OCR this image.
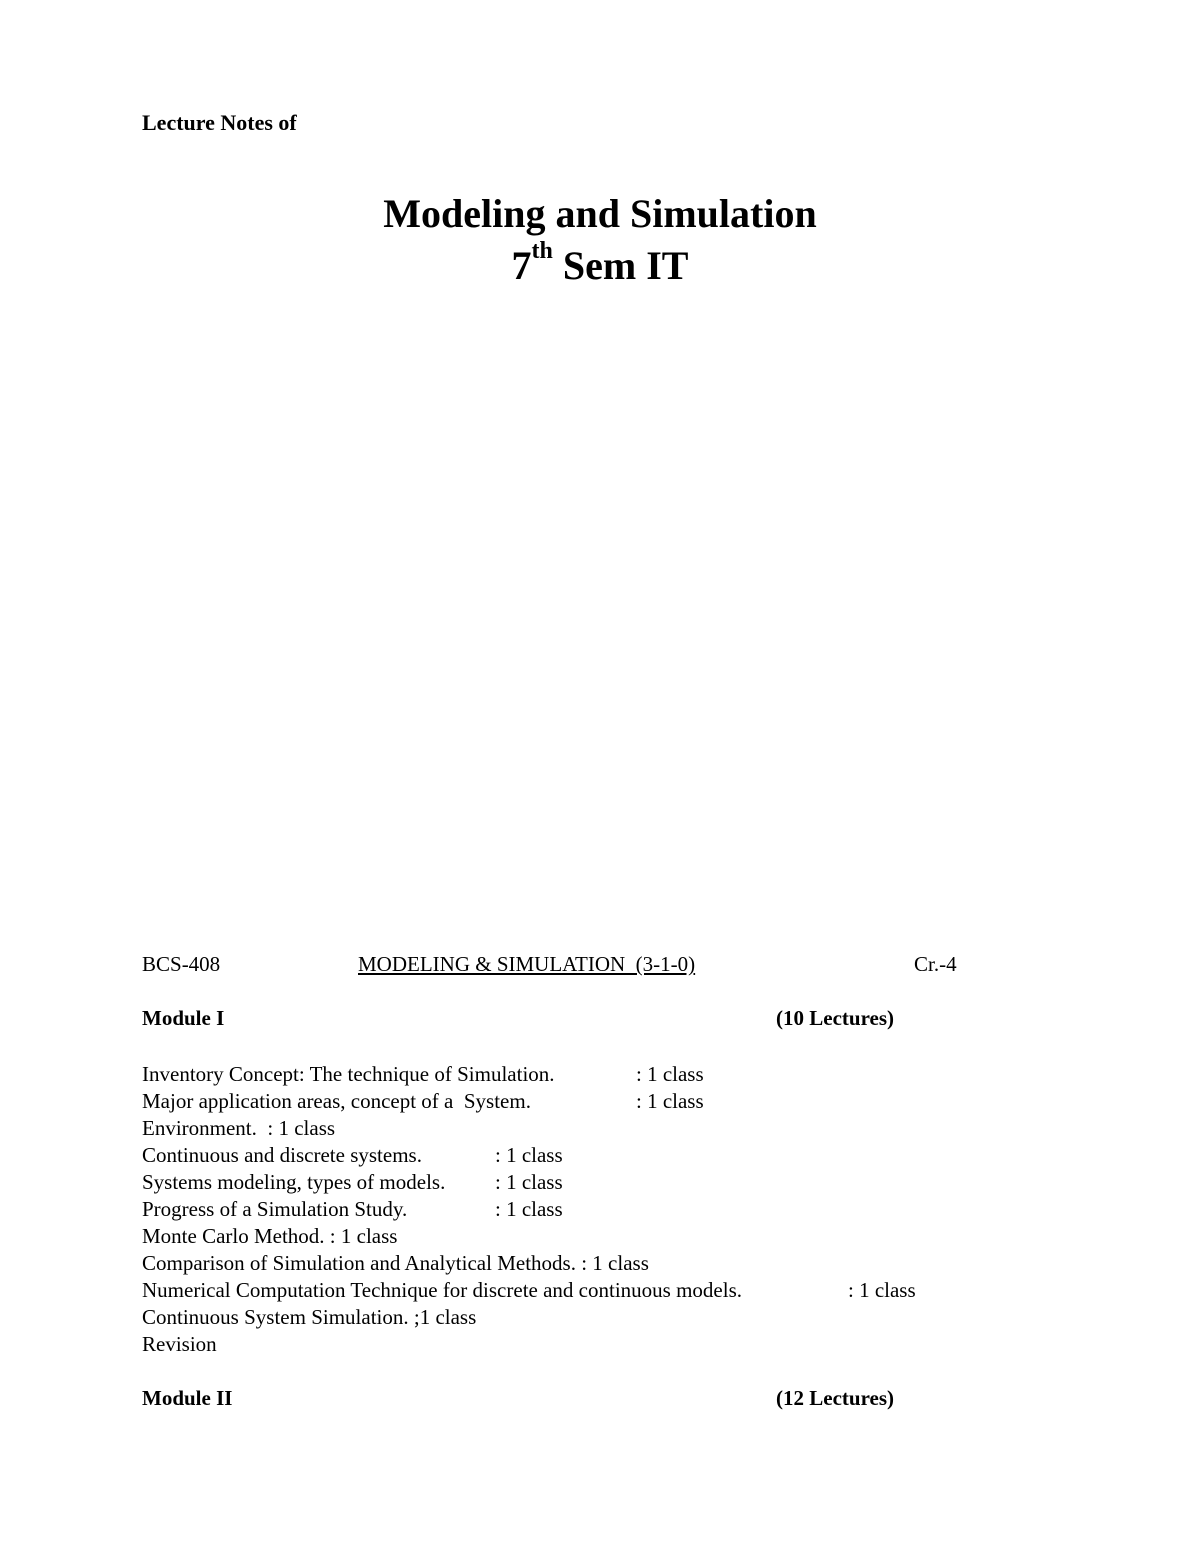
Lecture Notes of
Modeling and Simulation
7th Sem IT
BCS-408	MODELING & SIMULATION  (3-1-0)	Cr.-4
Module I	(10 Lectures)
Inventory Concept: The technique of Simulation.	: 1 class
Major application areas, concept of a  System.	: 1 class
Environment.  : 1 class
Continuous and discrete systems.	: 1 class
Systems modeling, types of models. : 1 class
Progress of a Simulation Study.	: 1 class
Monte Carlo Method. : 1 class
Comparison of Simulation and Analytical Methods. : 1 class
Numerical Computation Technique for discrete and continuous models.	: 1 class
Continuous System Simulation. ;1 class
Revision
Module II	(12 Lectures)
